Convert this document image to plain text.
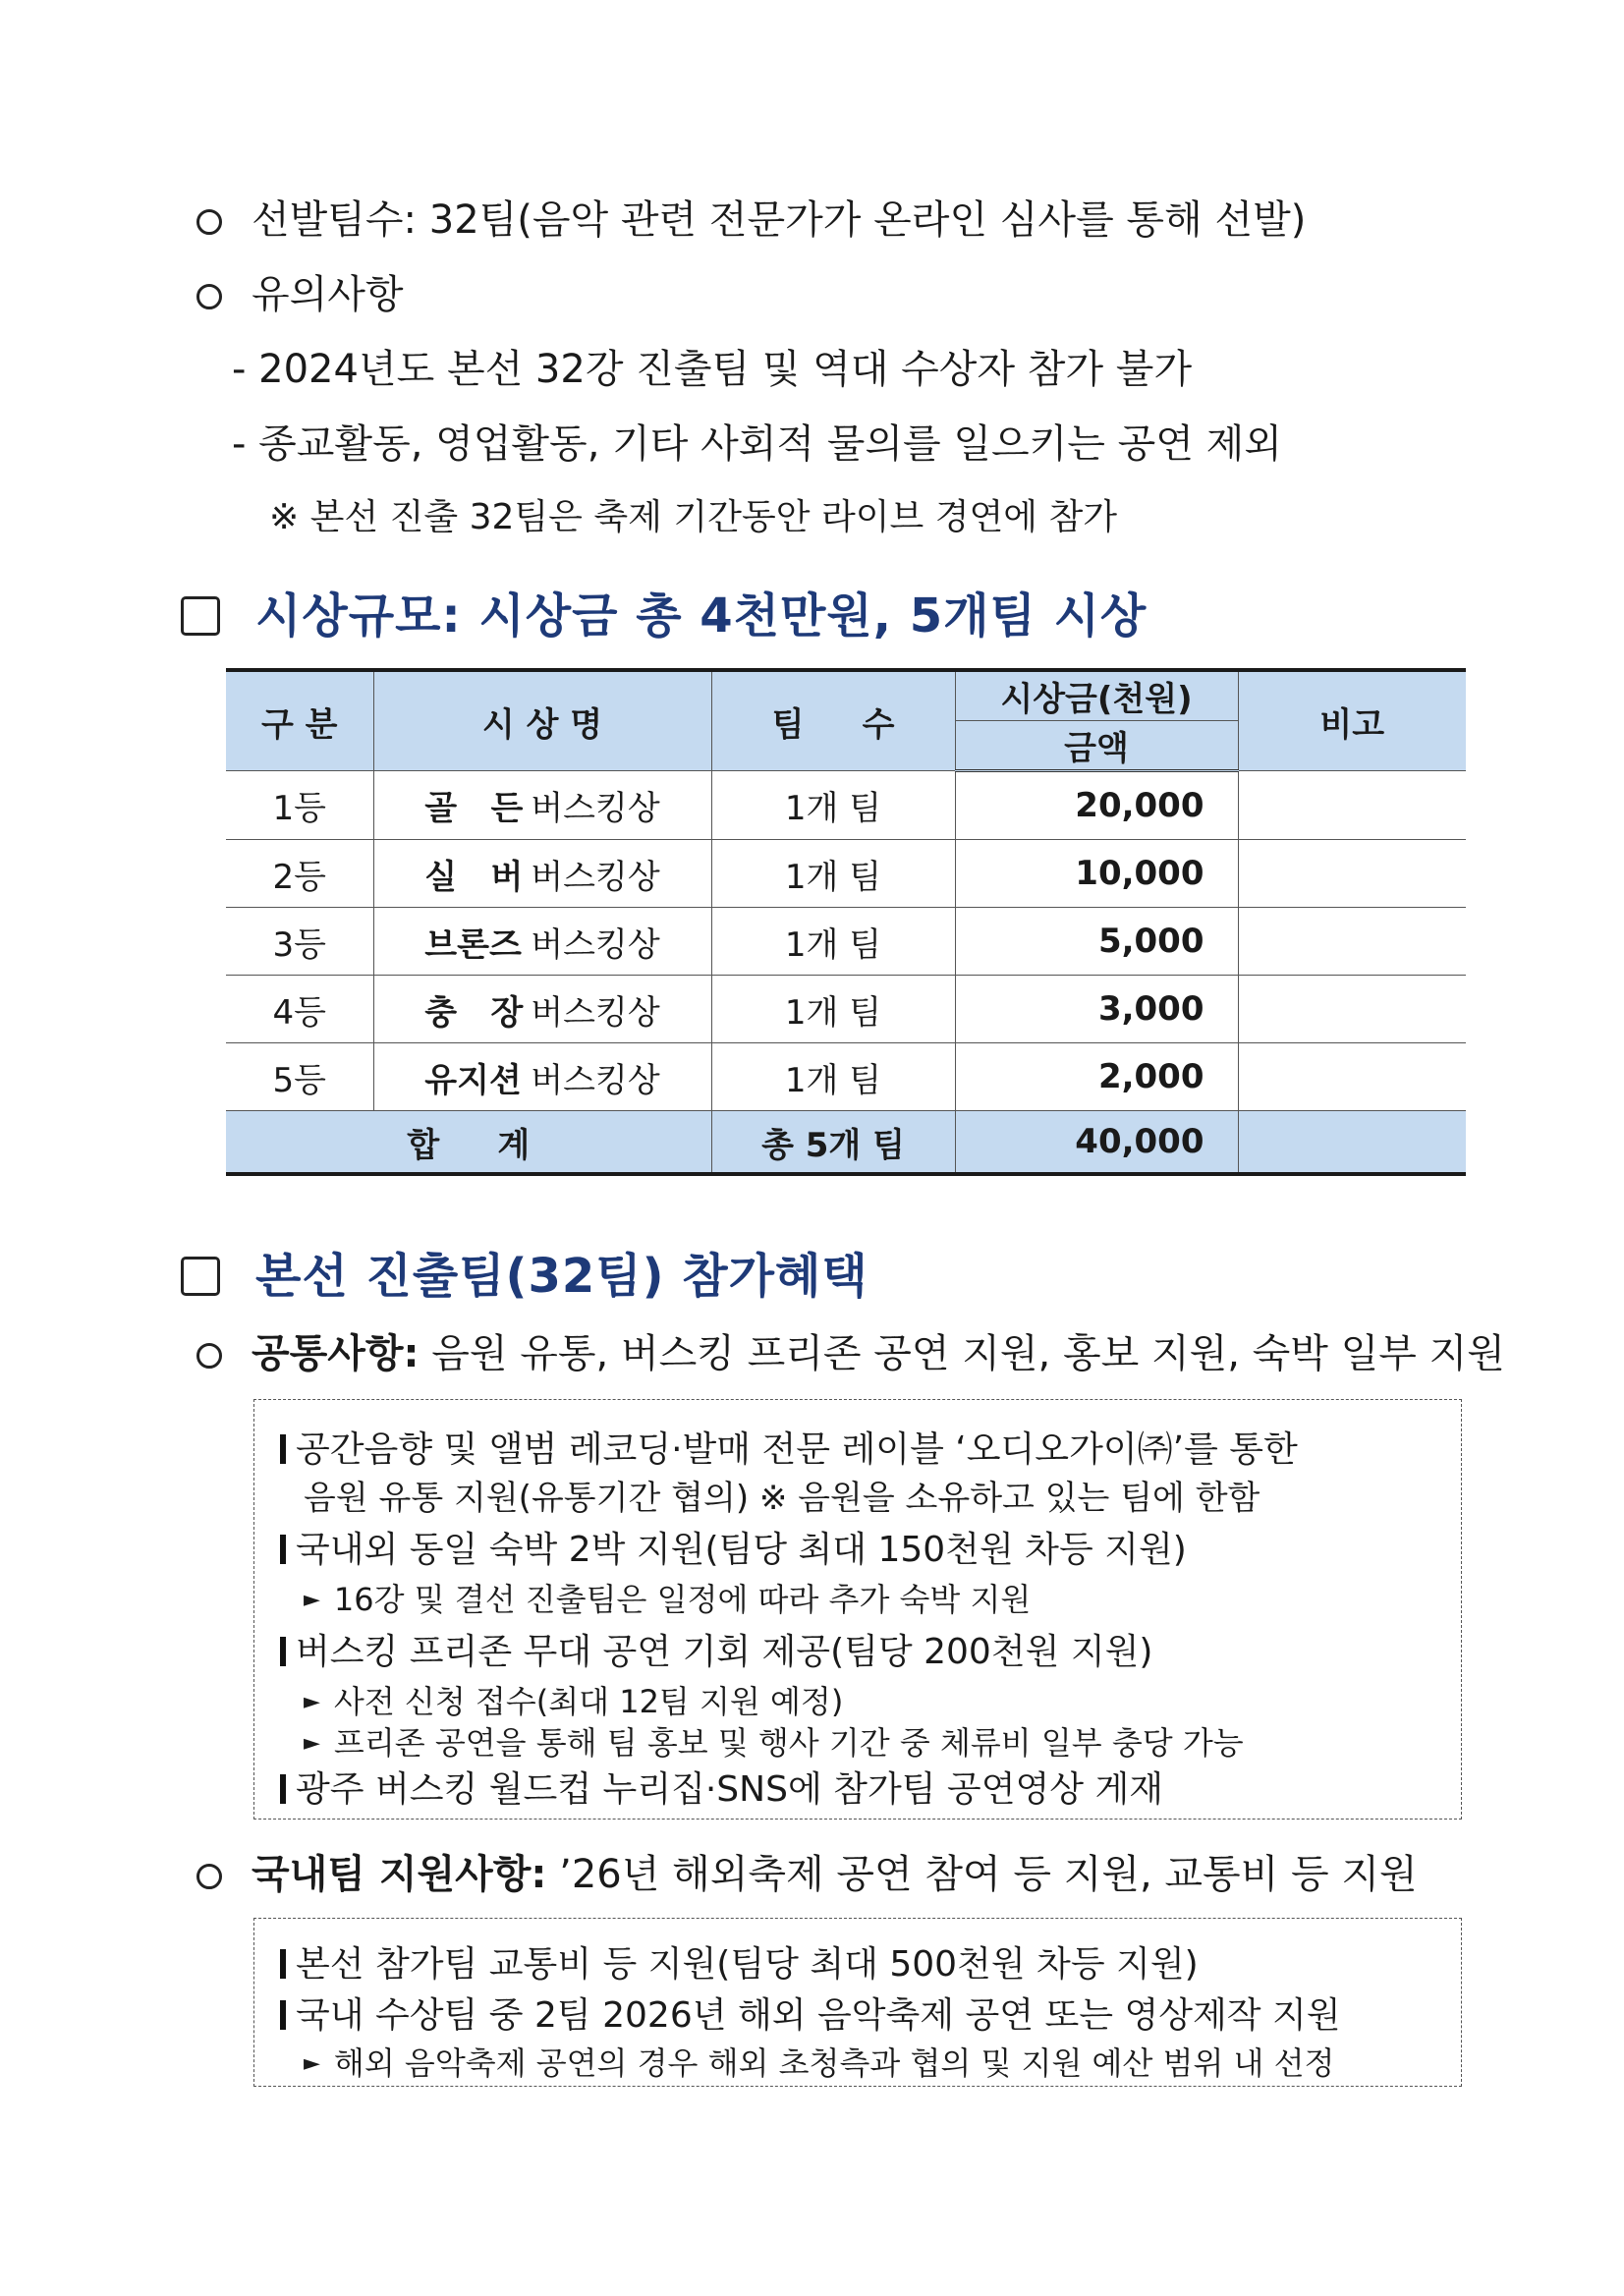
선발팀수: 32팀(음악 관련 전문가가 온라인 심사를 통해 선발)
유의사항
- 2024년도 본선 32강 진출팀 및 역대 수상자 참가 불가
- 종교활동, 영업활동, 기타 사회적 물의를 일으키는 공연 제외
※ 본선 진출 32팀은 축제 기간동안 라이브 경연에 참가
시상규모: 시상금 총 4천만원, 5개팀 시상
구 분	시 상 명	팀     수	시상금(천원)	비고
			금액	
1등	골 든 버스킹상	1개 팀	20,000	
2등	실 버 버스킹상	1개 팀	10,000	
3등	브론즈 버스킹상	1개 팀	5,000	
4등	충 장 버스킹상	1개 팀	3,000	
5등	유지션 버스킹상	1개 팀	2,000	
합     계		총 5개 팀	40,000	
본선 진출팀(32팀) 참가혜택
공통사항: 음원 유통, 버스킹 프리존 공연 지원, 홍보 지원, 숙박 일부 지원
공간음향 및 앨범 레코딩·발매 전문 레이블 ‘오디오가이㈜’를 통한
음원 유통 지원(유통기간 협의) ※ 음원을 소유하고 있는 팀에 한함
국내외 동일 숙박 2박 지원(팀당 최대 150천원 차등 지원)
► 16강 및 결선 진출팀은 일정에 따라 추가 숙박 지원
버스킹 프리존 무대 공연 기회 제공(팀당 200천원 지원)
► 사전 신청 접수(최대 12팀 지원 예정)
► 프리존 공연을 통해 팀 홍보 및 행사 기간 중 체류비 일부 충당 가능
광주 버스킹 월드컵 누리집·SNS에 참가팀 공연영상 게재
국내팀 지원사항: ’26년 해외축제 공연 참여 등 지원, 교통비 등 지원
본선 참가팀 교통비 등 지원(팀당 최대 500천원 차등 지원)
국내 수상팀 중 2팀 2026년 해외 음악축제 공연 또는 영상제작 지원
► 해외 음악축제 공연의 경우 해외 초청측과 협의 및 지원 예산 범위 내 선정
